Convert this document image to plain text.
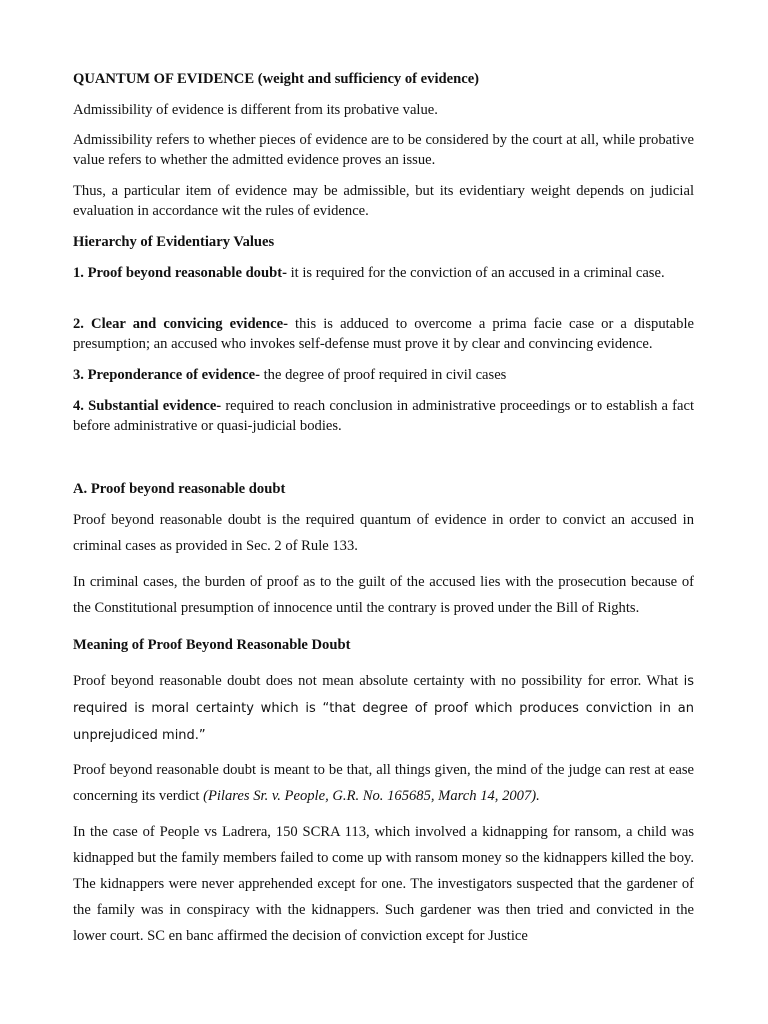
QUANTUM OF EVIDENCE (weight and sufficiency of evidence)

Admissibility of evidence is different from its probative value.

Admissibility refers to whether pieces of evidence are to be considered by the court at all, while probative value refers to whether the admitted evidence proves an issue.

Thus, a particular item of evidence may be admissible, but its evidentiary weight depends on judicial evaluation in accordance wit the rules of evidence.

Hierarchy of Evidentiary Values

1. Proof beyond reasonable doubt- it is required for the conviction of an accused in a criminal case.

2. Clear and convicing evidence- this is adduced to overcome a prima facie case or a disputable presumption; an accused who invokes self-defense must prove it by clear and convincing evidence.

3. Preponderance of evidence- the degree of proof required in civil cases

4. Substantial evidence- required to reach conclusion in administrative proceedings or to establish a fact before administrative or quasi-judicial bodies.

A. Proof beyond reasonable doubt

Proof beyond reasonable doubt is the required quantum of evidence in order to convict an accused in criminal cases as provided in Sec. 2 of Rule 133.

In criminal cases, the burden of proof as to the guilt of the accused lies with the prosecution because of the Constitutional presumption of innocence until the contrary is proved under the Bill of Rights.

Meaning of Proof Beyond Reasonable Doubt

Proof beyond reasonable doubt does not mean absolute certainty with no possibility for error. What is required is moral certainty which is “that degree of proof which produces conviction in an unprejudiced mind.”

Proof beyond reasonable doubt is meant to be that, all things given, the mind of the judge can rest at ease concerning its verdict (Pilares Sr. v. People, G.R. No. 165685, March 14, 2007).

In the case of People vs Ladrera, 150 SCRA 113, which involved a kidnapping for ransom, a child was kidnapped but the family members failed to come up with ransom money so the kidnappers killed the boy. The kidnappers were never apprehended except for one. The investigators suspected that the gardener of the family was in conspiracy with the kidnappers. Such gardener was then tried and convicted in the lower court. SC en banc affirmed the decision of conviction except for Justice
